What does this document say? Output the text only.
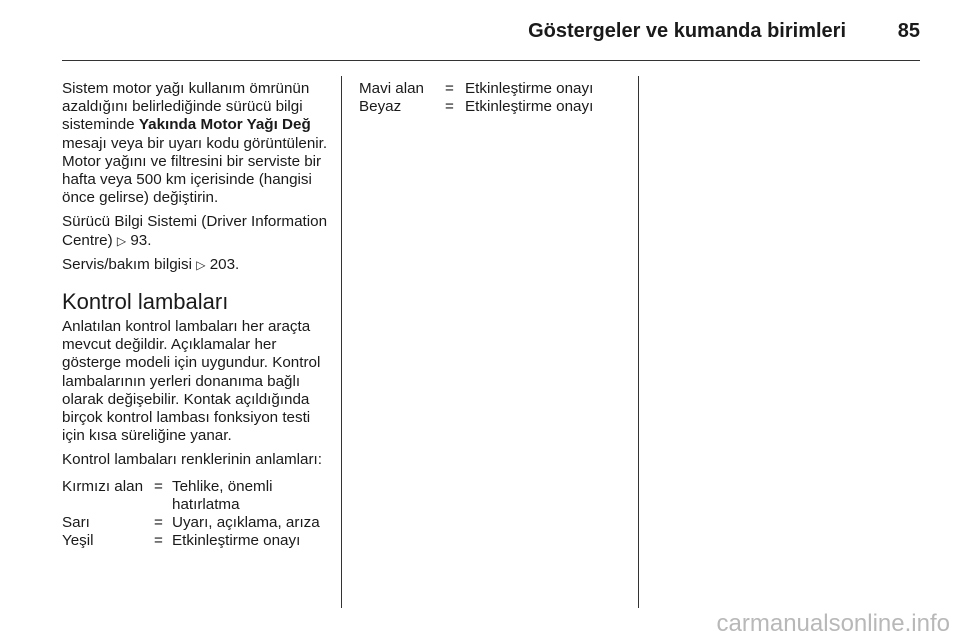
Göstergeler ve kumanda birimleri	85

Sistem motor yağı kullanım ömrünün azaldığını belirlediğinde sürücü bilgi sisteminde Yakında Motor Yağı Değ mesajı veya bir uyarı kodu görüntülenir. Motor yağını ve filtresini bir serviste bir hafta veya 500 km içerisinde (hangisi önce gelirse) değiştirin.

Sürücü Bilgi Sistemi (Driver Information Centre) ▷ 93.

Servis/bakım bilgisi ▷ 203.

Kontrol lambaları

Anlatılan kontrol lambaları her araçta mevcut değildir. Açıklamalar her gösterge modeli için uygundur. Kontrol lambalarının yerleri donanıma bağlı olarak değişebilir. Kontak açıldığında birçok kontrol lambası fonksiyon testi için kısa süreliğine yanar.

Kontrol lambaları renklerinin anlamları:

Kırmızı alan = Tehlike, önemli hatırlatma
Sarı	= Uyarı, açıklama, arıza
Yeşil	= Etkinleştirme onayı
Mavi alan	= Etkinleştirme onayı
Beyaz	= Etkinleştirme onayı
carmanualsonline.info
